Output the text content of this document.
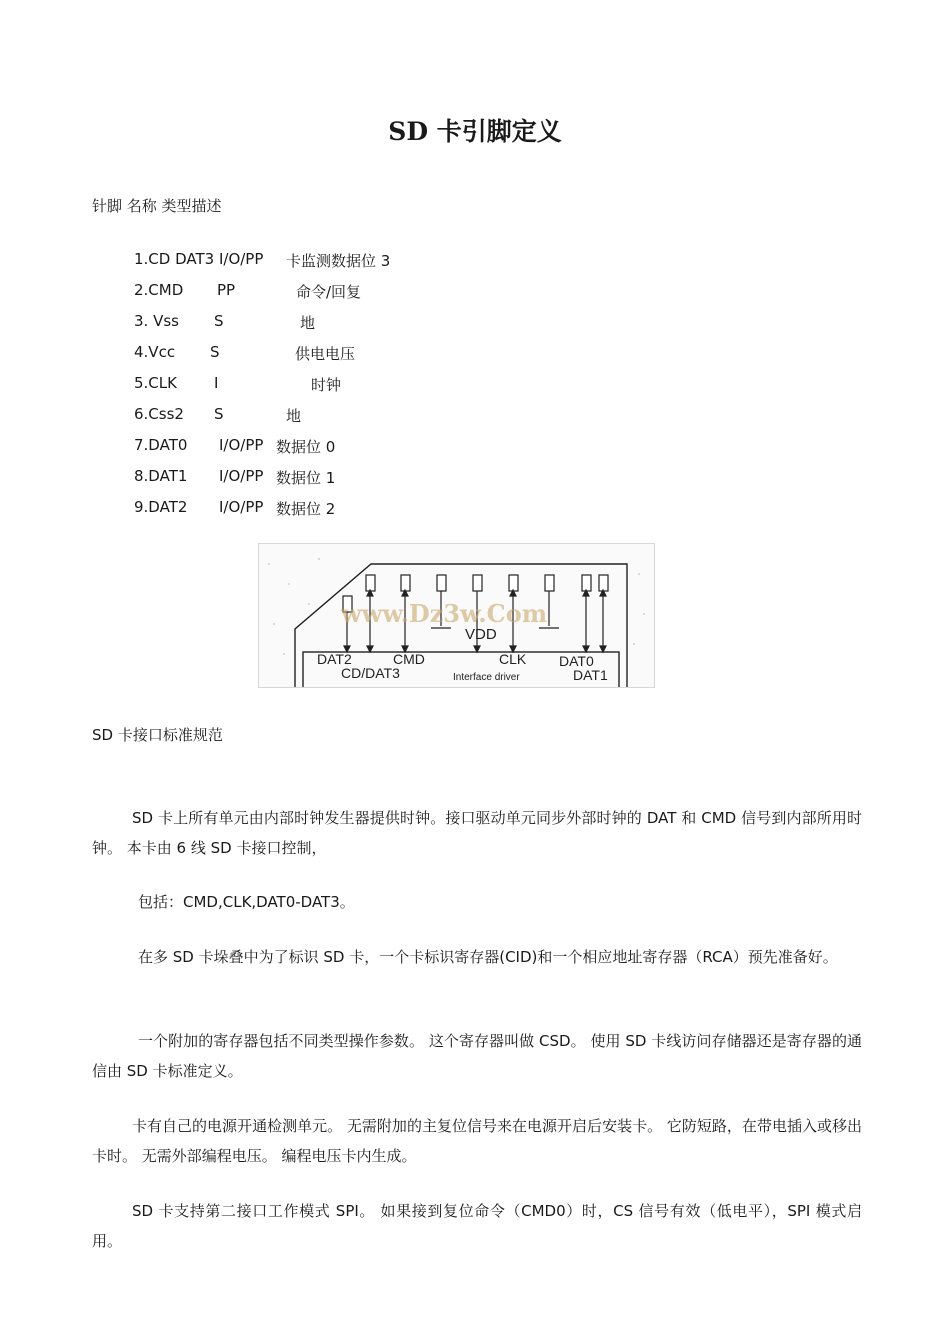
SD 卡引脚定义
针脚 名称 类型描述
1.CD DAT3 I/O/PP 卡监测数据位 3
2.CMD PP	命令/回复
3. Vss S	地
4.Vcc S	供电电压
5.CLK I	时钟
6.Css2 S	地
7.DAT0 I/O/PP 数据位 0
8.DAT1 I/O/PP 数据位 1
9.DAT2 I/O/PP 数据位 2
www.Dz3w.Com
VDD
DAT2	CMD	CLK DAT0
CD/DAT3	Interface driver	DAT1
SD 卡接口标准规范
SD 卡上所有单元由内部时钟发生器提供时钟。接口驱动单元同步外部时钟的 DAT 和 CMD 信号到内部所用时钟。 本卡由 6 线 SD 卡接口控制，
包括：CMD,CLK,DAT0-DAT3。
在多 SD 卡垛叠中为了标识 SD 卡，一个卡标识寄存器(CID)和一个相应地址寄存器（RCA）预先准备好。
一个附加的寄存器包括不同类型操作参数。 这个寄存器叫做 CSD。 使用 SD 卡线访问存储器还是寄存器的通信由 SD 卡标准定义。
卡有自己的电源开通检测单元。 无需附加的主复位信号来在电源开启后安装卡。 它防短路，在带电插入或移出卡时。 无需外部编程电压。 编程电压卡内生成。
SD 卡支持第二接口工作模式 SPI。 如果接到复位命令（CMD0）时，CS 信号有效（低电平），SPI 模式启用。
